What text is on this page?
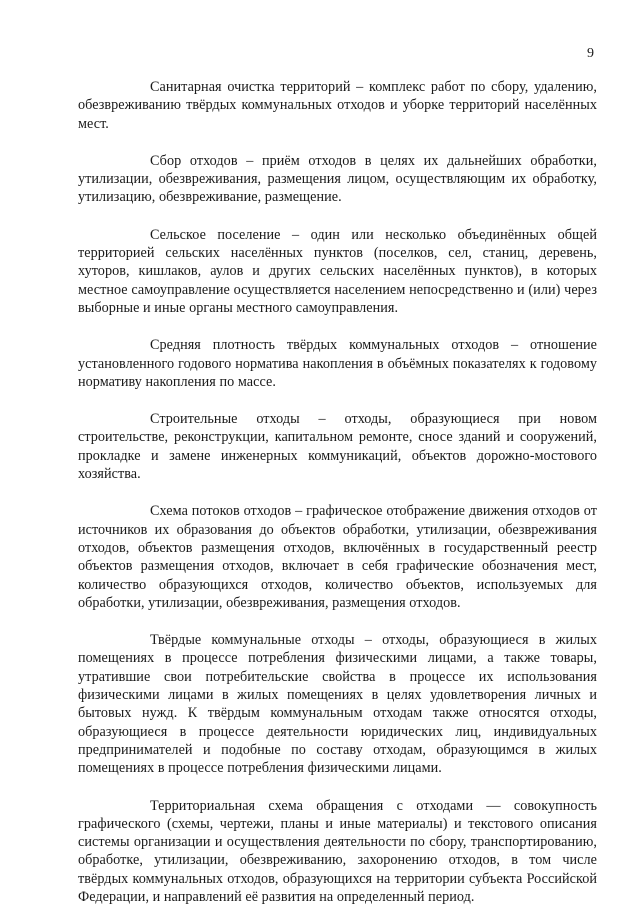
9

Санитарная очистка территорий – комплекс работ по сбору, удалению, обезвреживанию твёрдых коммунальных отходов и уборке территорий населённых мест.

Сбор отходов – приём отходов в целях их дальнейших обработки, утилизации, обезвреживания, размещения лицом, осуществляющим их обработку, утилизацию, обезвреживание, размещение.

Сельское поселение – один или несколько объединённых общей территорией сельских населённых пунктов (поселков, сел, станиц, деревень, хуторов, кишлаков, аулов и других сельских населённых пунктов), в которых местное самоуправление осуществляется населением непосредственно и (или) через выборные и иные органы местного самоуправления.

Средняя плотность твёрдых коммунальных отходов – отношение установленного годового норматива накопления в объёмных показателях к годовому нормативу накопления по массе.

Строительные отходы – отходы, образующиеся при новом строительстве, реконструкции, капитальном ремонте, сносе зданий и сооружений, прокладке и замене инженерных коммуникаций, объектов дорожно-мостового хозяйства.

Схема потоков отходов – графическое отображение движения отходов от источников их образования до объектов обработки, утилизации, обезвреживания отходов, объектов размещения отходов, включённых в государственный реестр объектов размещения отходов, включает в себя графические обозначения мест, количество образующихся отходов, количество объектов, используемых для обработки, утилизации, обезвреживания, размещения отходов.

Твёрдые коммунальные отходы – отходы, образующиеся в жилых помещениях в процессе потребления физическими лицами, а также товары, утратившие свои потребительские свойства в процессе их использования физическими лицами в жилых помещениях в целях удовлетворения личных и бытовых нужд. К твёрдым коммунальным отходам также относятся отходы, образующиеся в процессе деятельности юридических лиц, индивидуальных предпринимателей и подобные по составу отходам, образующимся в жилых помещениях в процессе потребления физическими лицами.

Территориальная схема обращения с отходами — совокупность графического (схемы, чертежи, планы и иные материалы) и текстового описания системы организации и осуществления деятельности по сбору, транспортированию, обработке, утилизации, обезвреживанию, захоронению отходов, в том числе твёрдых коммунальных отходов, образующихся на территории субъекта Российской Федерации, и направлений её развития на определенный период.
